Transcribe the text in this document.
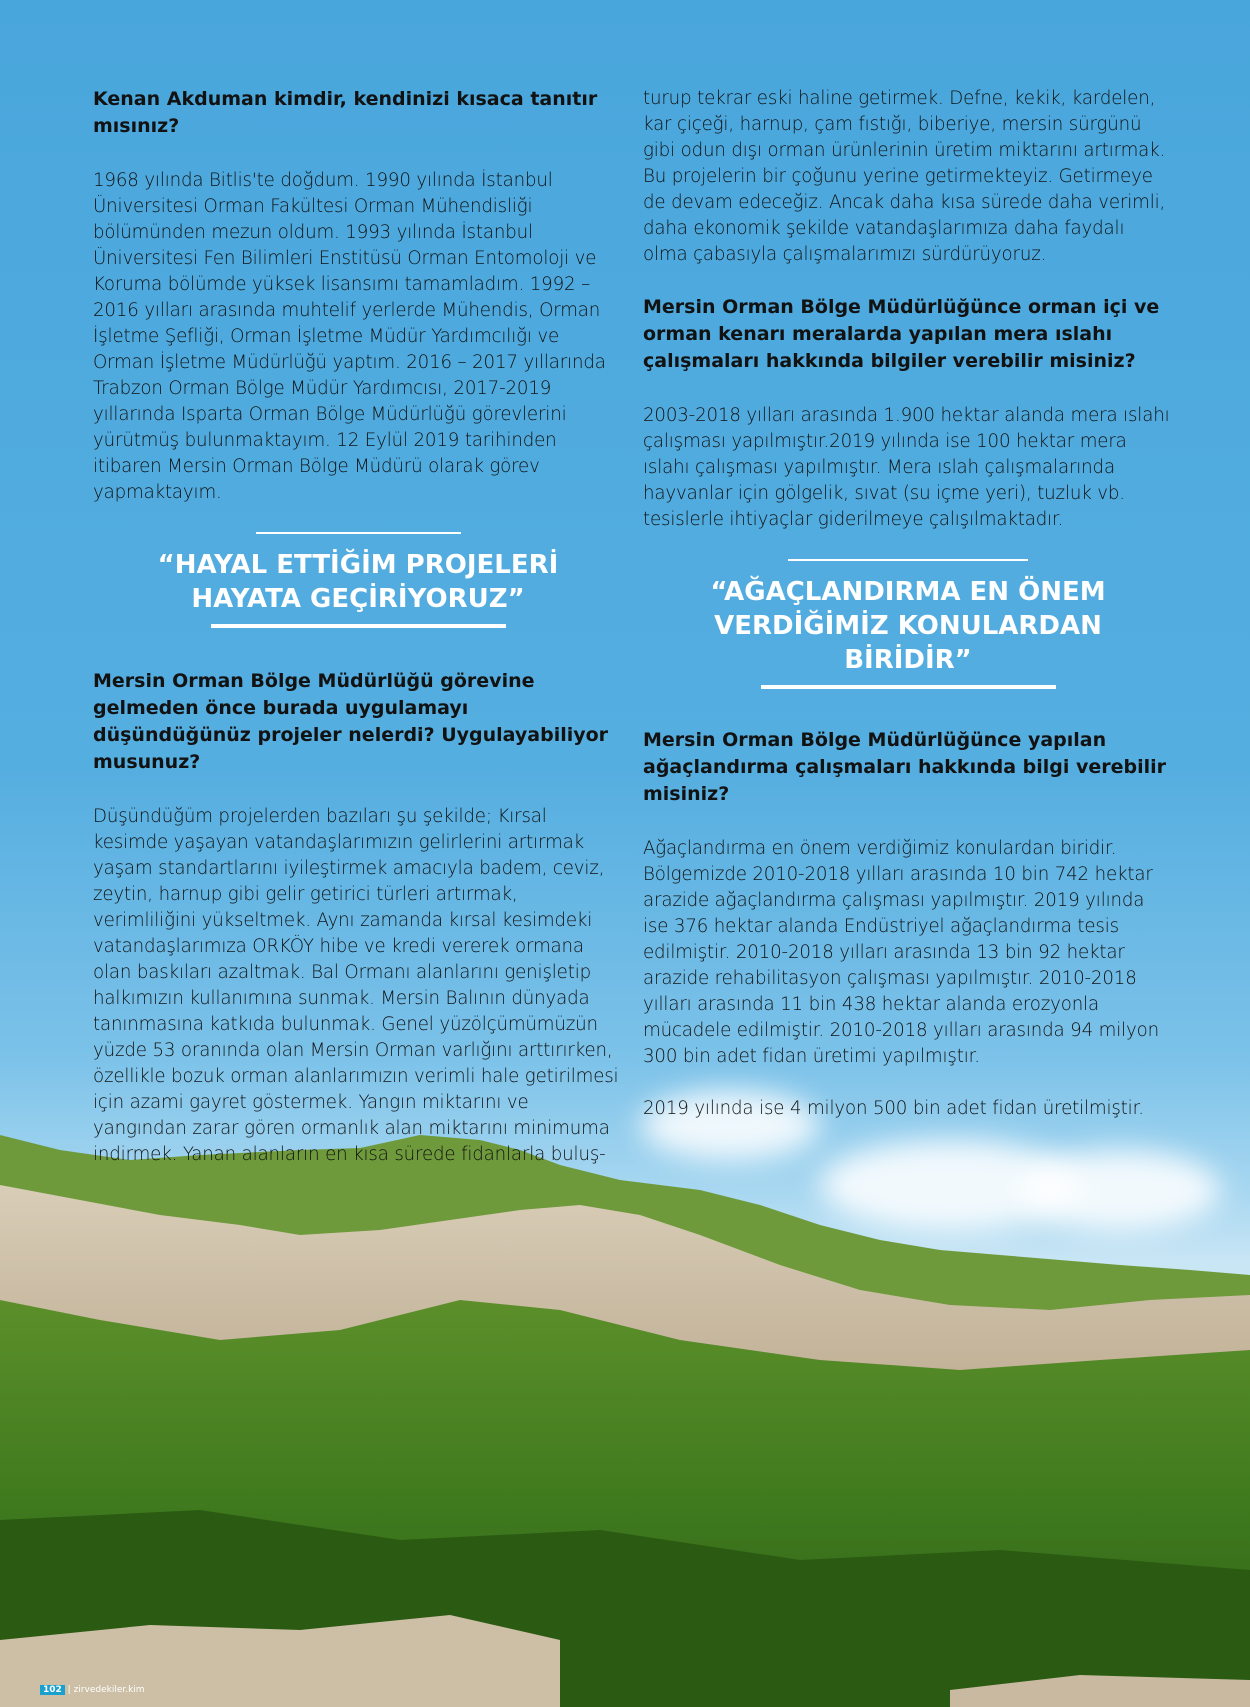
Kenan Akduman kimdir, kendinizi kısaca tanıtır mısınız?
1968 yılında Bitlis'te doğdum. 1990 yılında İstanbul Üniversitesi Orman Fakültesi Orman Mühendisliği bölümünden mezun oldum. 1993 yılında İstanbul Üniversitesi Fen Bilimleri Enstitüsü Orman Entomoloji ve Koruma bölümde yüksek lisansımı tamamladım. 1992 – 2016 yılları arasında muhtelif yerlerde Mühendis, Orman İşletme Şefliği, Orman İşletme Müdür Yardımcılığı ve Orman İşletme Müdürlüğü yaptım. 2016 – 2017 yıllarında Trabzon Orman Bölge Müdür Yardımcısı, 2017-2019 yıllarında Isparta Orman Bölge Müdürlüğü görevlerini yürütmüş bulunmaktayım. 12 Eylül 2019 tarihinden itibaren Mersin Orman Bölge Müdürü olarak görev yapmaktayım.
“HAYAL ETTİĞİM PROJELERİ HAYATA GEÇİRİYORUZ”
Mersin Orman Bölge Müdürlüğü görevine gelmeden önce burada uygulamayı düşündüğünüz projeler nelerdi? Uygulayabiliyor musunuz?
Düşündüğüm projelerden bazıları şu şekilde; Kırsal kesimde yaşayan vatandaşlarımızın gelirlerini artırmak yaşam standartlarını iyileştirmek amacıyla badem, ceviz, zeytin, harnup gibi gelir getirici türleri artırmak, verimliliğini yükseltmek. Aynı zamanda kırsal kesimdeki vatandaşlarımıza ORKÖY hibe ve kredi vererek ormana olan baskıları azaltmak. Bal Ormanı alanlarını genişletip halkımızın kullanımına sunmak. Mersin Balının dünyada tanınmasına katkıda bulunmak. Genel yüzölçümümüzün yüzde 53 oranında olan Mersin Orman varlığını arttırırken, özellikle bozuk orman alanlarımızın verimli hale getirilmesi için azami gayret göstermek. Yangın miktarını ve yangından zarar gören ormanlık alan miktarını minimuma indirmek. Yanan alanların en kısa sürede fidanlarla buluş-
turup tekrar eski haline getirmek. Defne, kekik, kardelen, kar çiçeği, harnup, çam fıstığı, biberiye, mersin sürgünü gibi odun dışı orman ürünlerinin üretim miktarını artırmak. Bu projelerin bir çoğunu yerine getirmekteyiz. Getirmeye de devam edeceğiz. Ancak daha kısa sürede daha verimli, daha ekonomik şekilde vatandaşlarımıza daha faydalı olma çabasıyla çalışmalarımızı sürdürüyoruz.
Mersin Orman Bölge Müdürlüğünce orman içi ve orman kenarı meralarda yapılan mera ıslahı çalışmaları hakkında bilgiler verebilir misiniz?
2003-2018 yılları arasında 1.900 hektar alanda mera ıslahı çalışması yapılmıştır.2019 yılında ise 100 hektar mera ıslahı çalışması yapılmıştır. Mera ıslah çalışmalarında hayvanlar için gölgelik, sıvat (su içme yeri), tuzluk vb. tesislerle ihtiyaçlar giderilmeye çalışılmaktadır.
“AĞAÇLANDIRMA EN ÖNEM VERDİĞİMİZ KONULARDAN BİRİDİR”
Mersin Orman Bölge Müdürlüğünce yapılan ağaçlandırma çalışmaları hakkında bilgi verebilir misiniz?
Ağaçlandırma en önem verdiğimiz konulardan biridir. Bölgemizde 2010-2018 yılları arasında 10 bin 742 hektar arazide ağaçlandırma çalışması yapılmıştır. 2019 yılında ise 376 hektar alanda Endüstriyel ağaçlandırma tesis edilmiştir. 2010-2018 yılları arasında 13 bin 92 hektar arazide rehabilitasyon çalışması yapılmıştır. 2010-2018 yılları arasında 11 bin 438 hektar alanda erozyonla mücadele edilmiştir. 2010-2018 yılları arasında 94 milyon 300 bin adet fidan üretimi yapılmıştır.
2019 yılında ise 4 milyon 500 bin adet fidan üretilmiştir.
102 | zirvedekiler.kim
